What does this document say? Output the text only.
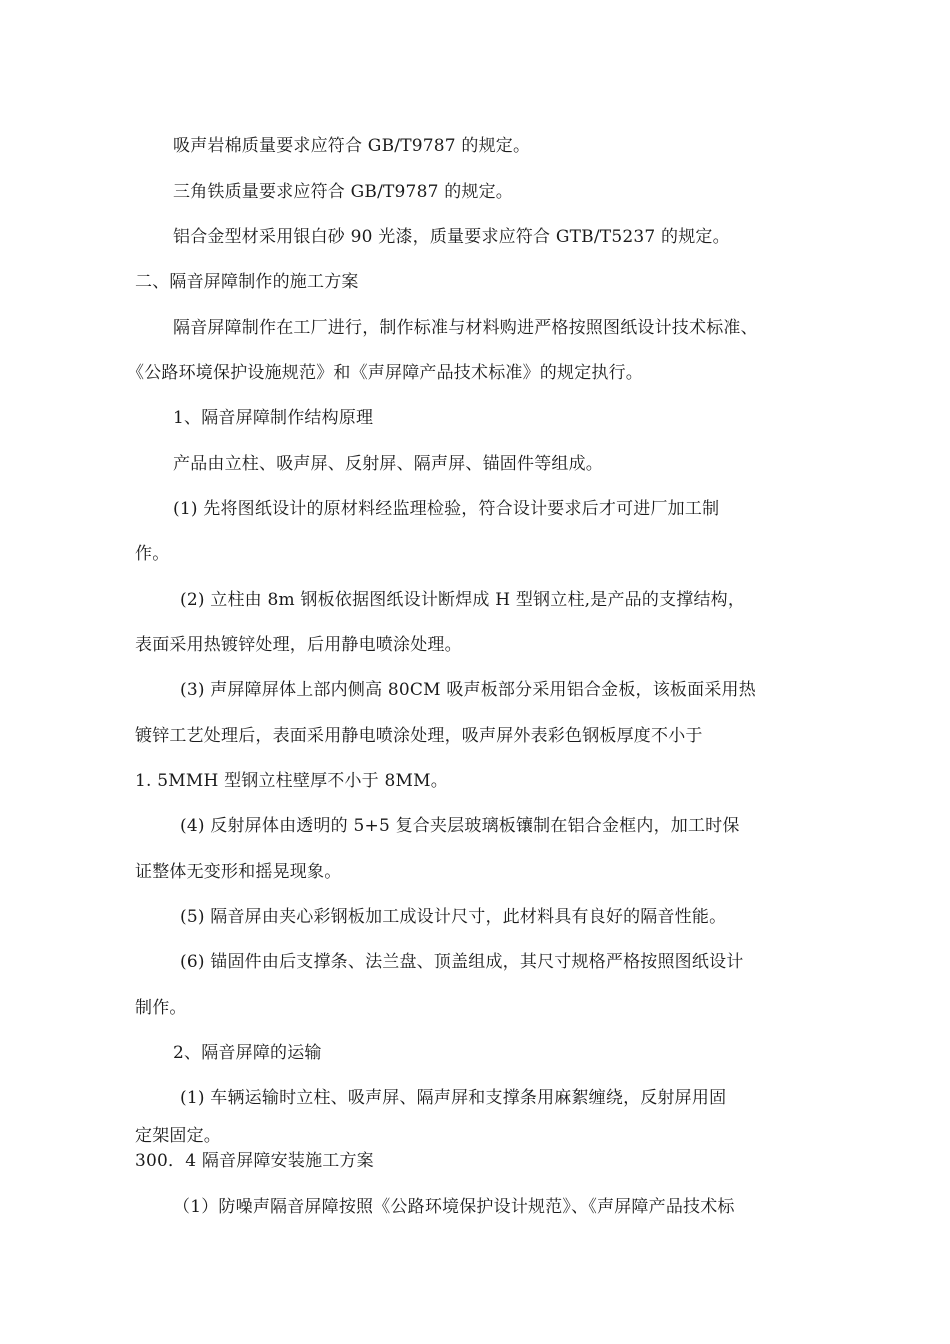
吸声岩棉质量要求应符合 GB/T9787 的规定。

三角铁质量要求应符合 GB/T9787 的规定。

铝合金型材采用银白砂 90 光漆，质量要求应符合 GTB/T5237 的规定。

二、隔音屏障制作的施工方案

隔音屏障制作在工厂进行，制作标准与材料购进严格按照图纸设计技术标准、

《公路环境保护设施规范》和《声屏障产品技术标准》的规定执行。

1、隔音屏障制作结构原理

产品由立柱、吸声屏、反射屏、隔声屏、锚固件等组成。

(1) 先将图纸设计的原材料经监理检验，符合设计要求后才可进厂加工制

作。

(2) 立柱由 8m 钢板依据图纸设计断焊成 H 型钢立柱,是产品的支撑结构，

表面采用热镀锌处理，后用静电喷涂处理。

(3) 声屏障屏体上部内侧高 80CM 吸声板部分采用铝合金板，该板面采用热

镀锌工艺处理后，表面采用静电喷涂处理，吸声屏外表彩色钢板厚度不小于

1. 5MMH 型钢立柱壁厚不小于 8MM。

(4) 反射屏体由透明的 5+5 复合夹层玻璃板镶制在铝合金框内，加工时保

证整体无变形和摇晃现象。

(5) 隔音屏由夹心彩钢板加工成设计尺寸，此材料具有良好的隔音性能。

(6) 锚固件由后支撑条、法兰盘、顶盖组成，其尺寸规格严格按照图纸设计

制作。

2、隔音屏障的运输

(1) 车辆运输时立柱、吸声屏、隔声屏和支撑条用麻絮缠绕，反射屏用固

定架固定。

300．4 隔音屏障安装施工方案

（1）防噪声隔音屏障按照《公路环境保护设计规范》、《声屏障产品技术标
